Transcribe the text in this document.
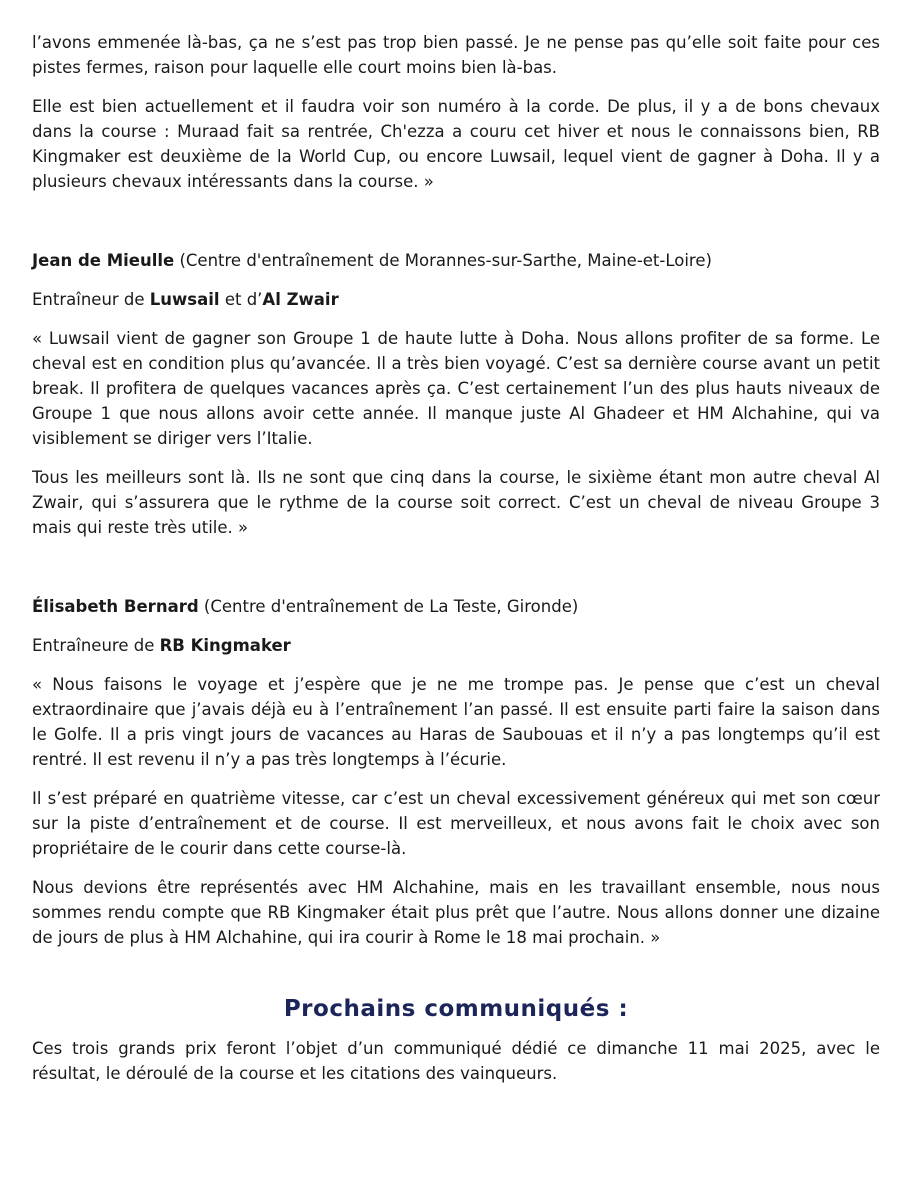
l’avons emmenée là-bas, ça ne s’est pas trop bien passé. Je ne pense pas qu’elle soit faite pour ces pistes fermes, raison pour laquelle elle court moins bien là-bas.

Elle est bien actuellement et il faudra voir son numéro à la corde. De plus, il y a de bons chevaux dans la course : Muraad fait sa rentrée, Ch'ezza a couru cet hiver et nous le connaissons bien, RB Kingmaker est deuxième de la World Cup, ou encore Luwsail, lequel vient de gagner à Doha. Il y a plusieurs chevaux intéressants dans la course. »

Jean de Mieulle (Centre d'entraînement de Morannes-sur-Sarthe, Maine-et-Loire)

Entraîneur de Luwsail et d’Al Zwair

« Luwsail vient de gagner son Groupe 1 de haute lutte à Doha. Nous allons profiter de sa forme. Le cheval est en condition plus qu’avancée. Il a très bien voyagé. C’est sa dernière course avant un petit break. Il profitera de quelques vacances après ça. C’est certainement l’un des plus hauts niveaux de Groupe 1 que nous allons avoir cette année. Il manque juste Al Ghadeer et HM Alchahine, qui va visiblement se diriger vers l’Italie.

Tous les meilleurs sont là. Ils ne sont que cinq dans la course, le sixième étant mon autre cheval Al Zwair, qui s’assurera que le rythme de la course soit correct. C’est un cheval de niveau Groupe 3 mais qui reste très utile. »

Élisabeth Bernard (Centre d'entraînement de La Teste, Gironde)

Entraîneure de RB Kingmaker

« Nous faisons le voyage et j’espère que je ne me trompe pas. Je pense que c’est un cheval extraordinaire que j’avais déjà eu à l’entraînement l’an passé. Il est ensuite parti faire la saison dans le Golfe. Il a pris vingt jours de vacances au Haras de Saubouas et il n’y a pas longtemps qu’il est rentré. Il est revenu il n’y a pas très longtemps à l’écurie.

Il s’est préparé en quatrième vitesse, car c’est un cheval excessivement généreux qui met son cœur sur la piste d’entraînement et de course. Il est merveilleux, et nous avons fait le choix avec son propriétaire de le courir dans cette course-là.

Nous devions être représentés avec HM Alchahine, mais en les travaillant ensemble, nous nous sommes rendu compte que RB Kingmaker était plus prêt que l’autre. Nous allons donner une dizaine de jours de plus à HM Alchahine, qui ira courir à Rome le 18 mai prochain. »

Prochains communiqués :

Ces trois grands prix feront l’objet d’un communiqué dédié ce dimanche 11 mai 2025, avec le résultat, le déroulé de la course et les citations des vainqueurs.
